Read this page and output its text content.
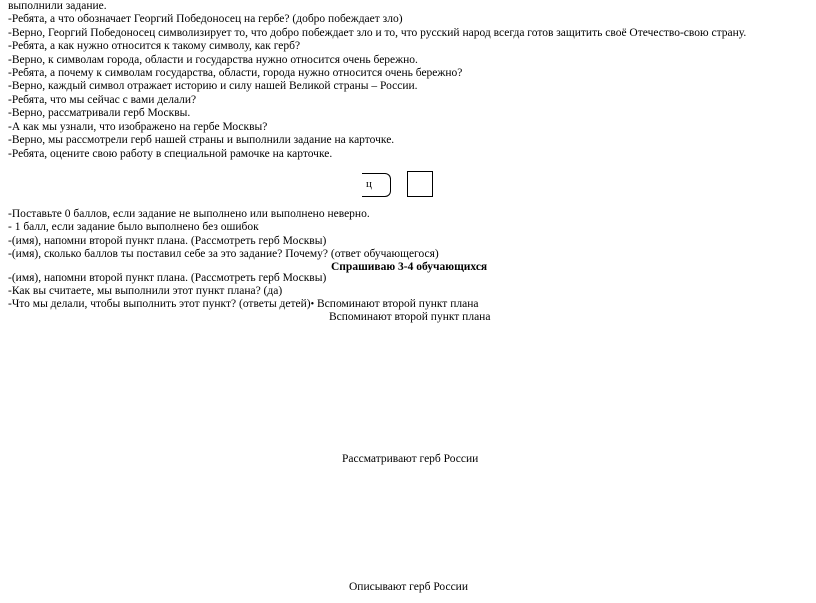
выполнили задание.
-Ребята, а что обозначает Георгий Победоносец на гербе? (добро побеждает зло)
-Верно, Георгий Победоносец символизирует то, что добро побеждает зло и то, что русский народ всегда готов защитить своё Отечество-свою страну.
-Ребята, а как нужно относится к такому символу, как герб?
-Верно, к символам города, области и государства нужно относится очень бережно.
-Ребята, а почему к символам государства, области, города нужно относится очень бережно?
-Верно, каждый символ отражает историю и силу нашей Великой страны – России.
-Ребята, что мы сейчас с вами делали?
-Верно, рассматривали герб Москвы.
-А как мы узнали, что изображено на гербе Москвы?
-Верно, мы рассмотрели герб нашей страны и выполнили задание на карточке.
-Ребята, оцените свою работу в специальной рамочке на карточке.
ц
-Поставьте 0 баллов, если задание не выполнено или выполнено неверно.
- 1 балл, если задание было выполнено без ошибок
-(имя), напомни второй пункт плана. (Рассмотреть герб Москвы)
-(имя), сколько баллов ты поставил себе за это задание? Почему? (ответ обучающегося)
Спрашиваю 3-4 обучающихся
-(имя), напомни второй пункт плана. (Рассмотреть герб Москвы)
-Как вы считаете, мы выполнили этот пункт плана? (да)
-Что мы делали, чтобы выполнить этот пункт? (ответы детей)• Вспоминают второй пункт плана
Вспоминают второй пункт плана
Рассматривают герб России
Описывают герб России
